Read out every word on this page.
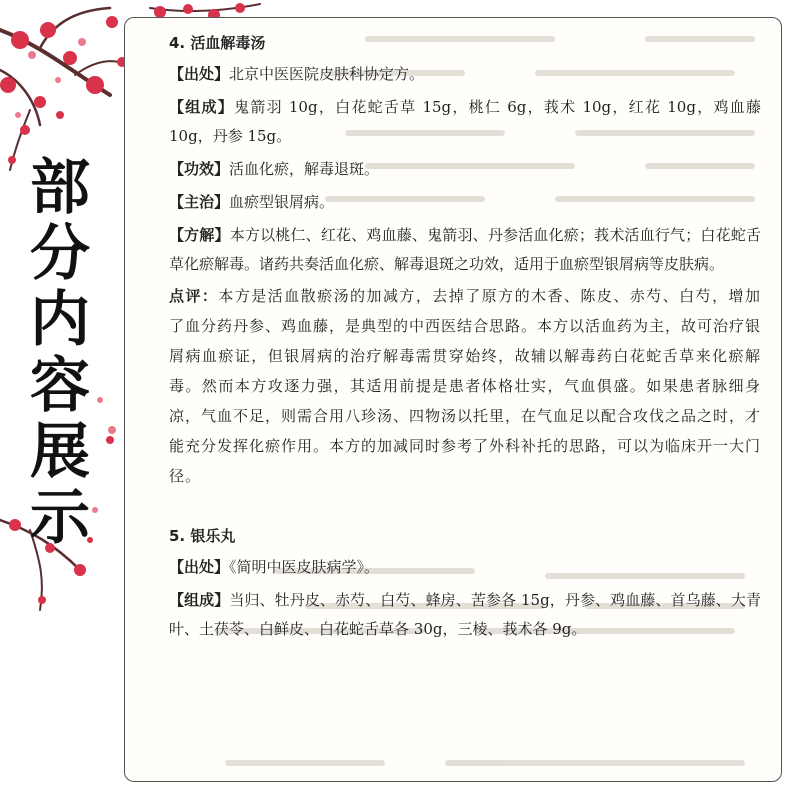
部
分
内
容
展
示
4. 活血解毒汤

【出处】北京中医医院皮肤科协定方。

【组成】鬼箭羽 10g，白花蛇舌草 15g，桃仁 6g，莪术 10g，红花 10g，鸡血藤 10g，丹参 15g。

【功效】活血化瘀，解毒退斑。

【主治】血瘀型银屑病。

【方解】本方以桃仁、红花、鸡血藤、鬼箭羽、丹参活血化瘀；莪术活血行气；白花蛇舌草化瘀解毒。诸药共奏活血化瘀、解毒退斑之功效，适用于血瘀型银屑病等皮肤病。

点评：本方是活血散瘀汤的加减方，去掉了原方的木香、陈皮、赤芍、白芍，增加了血分药丹参、鸡血藤，是典型的中西医结合思路。本方以活血药为主，故可治疗银屑病血瘀证，但银屑病的治疗解毒需贯穿始终，故辅以解毒药白花蛇舌草来化瘀解毒。然而本方攻逐力强，其适用前提是患者体格壮实，气血俱盛。如果患者脉细身凉，气血不足，则需合用八珍汤、四物汤以托里，在气血足以配合攻伐之品之时，才能充分发挥化瘀作用。本方的加减同时参考了外科补托的思路，可以为临床开一大门径。

5. 银乐丸

【出处】《简明中医皮肤病学》。

【组成】当归、牡丹皮、赤芍、白芍、蜂房、苦参各 15g，丹参、鸡血藤、首乌藤、大青叶、土茯苓、白鲜皮、白花蛇舌草各 30g，三棱、莪术各 9g。
